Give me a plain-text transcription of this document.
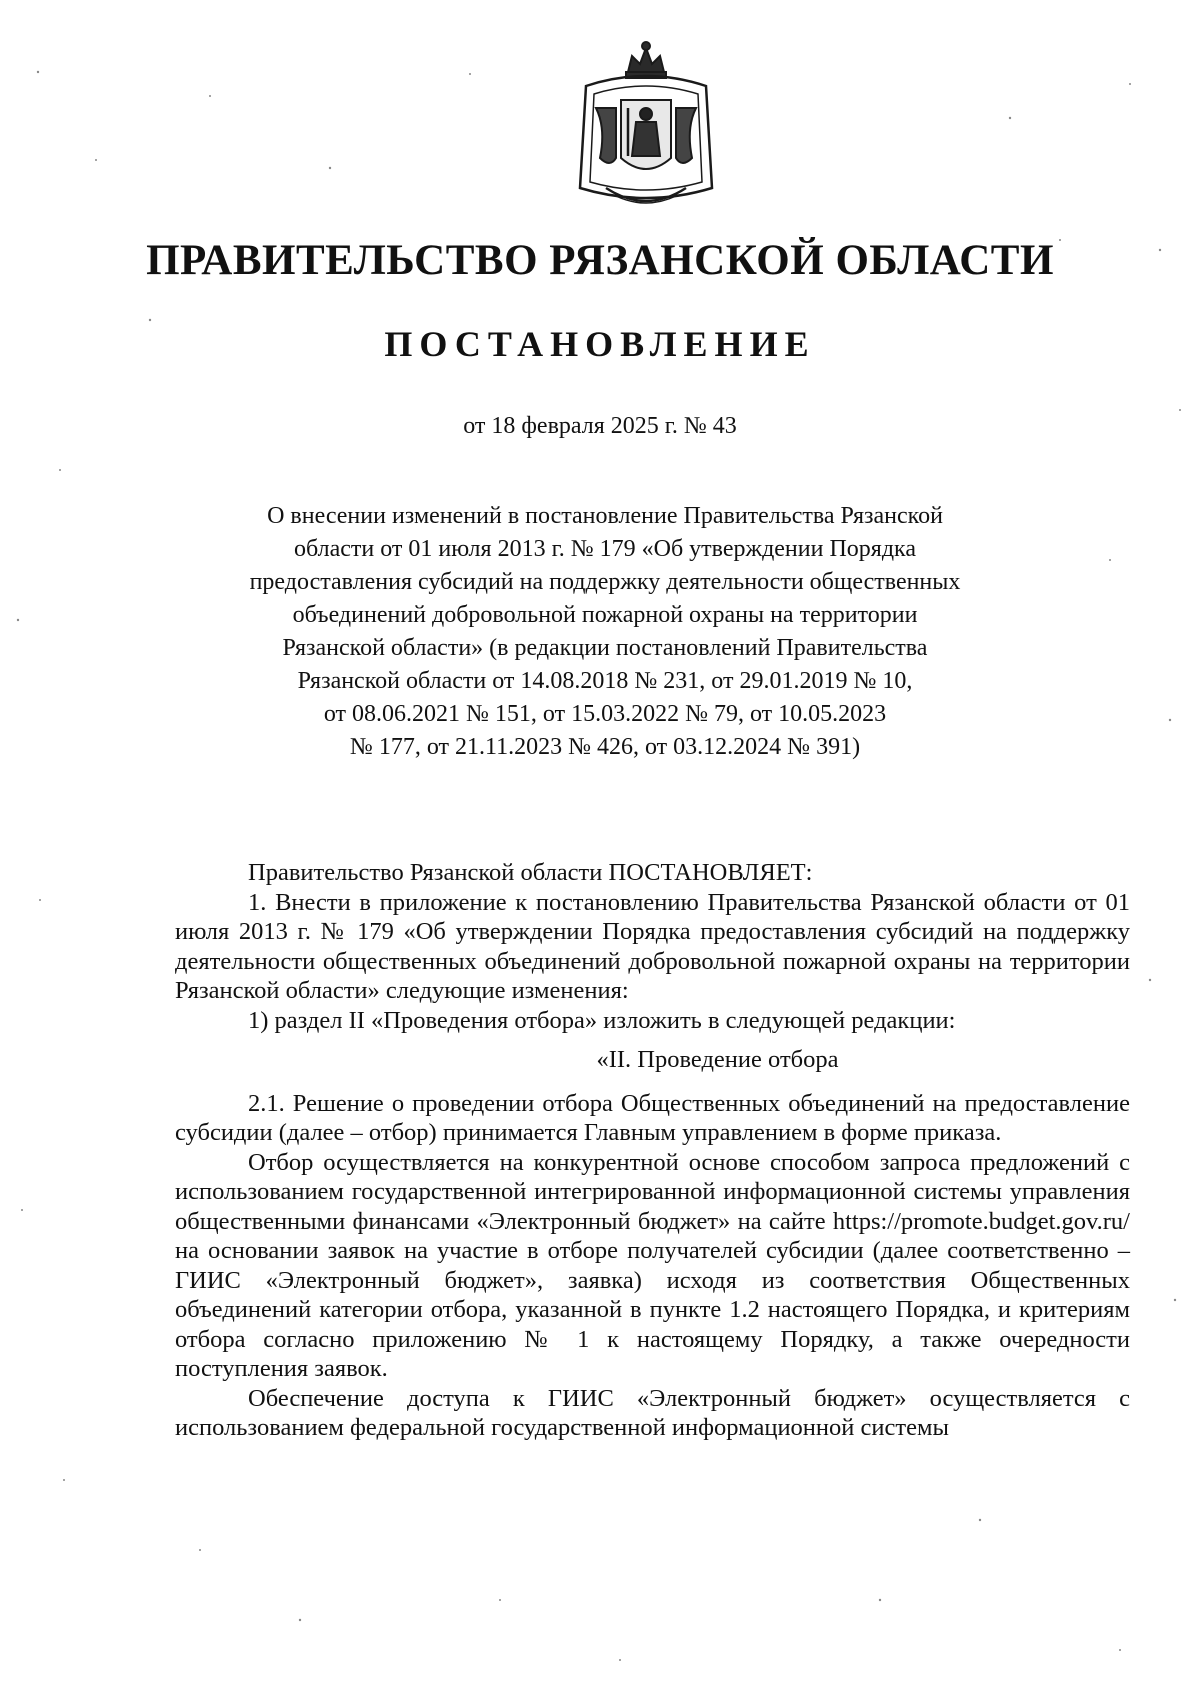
ПРАВИТЕЛЬСТВО РЯЗАНСКОЙ ОБЛАСТИ
ПОСТАНОВЛЕНИЕ
от 18 февраля 2025 г. № 43
О внесении изменений в постановление Правительства Рязанской
области от 01 июля 2013 г. № 179 «Об утверждении Порядка
предоставления субсидий на поддержку деятельности общественных
объединений добровольной пожарной охраны на территории
Рязанской области» (в редакции постановлений Правительства
Рязанской области от 14.08.2018 № 231, от 29.01.2019 № 10,
от 08.06.2021 № 151, от 15.03.2022 № 79, от 10.05.2023
№ 177, от 21.11.2023 № 426, от 03.12.2024 № 391)

Правительство Рязанской области ПОСТАНОВЛЯЕТ:

1. Внести в приложение к постановлению Правительства Рязанской области от 01 июля 2013 г. № 179 «Об утверждении Порядка предоставления субсидий на поддержку деятельности общественных объединений добровольной пожарной охраны на территории Рязанской области» следующие изменения:

1) раздел II «Проведения отбора» изложить в следующей редакции:

«II. Проведение отбора

2.1. Решение о проведении отбора Общественных объединений на предоставление субсидии (далее – отбор) принимается Главным управлением в форме приказа.

Отбор осуществляется на конкурентной основе способом запроса предложений с использованием государственной интегрированной информационной системы управления общественными финансами «Электронный бюджет» на сайте https://promote.budget.gov.ru/ на основании заявок на участие в отборе получателей субсидии (далее соответственно – ГИИС «Электронный бюджет», заявка) исходя из соответствия Общественных объединений категории отбора, указанной в пункте 1.2 настоящего Порядка, и критериям отбора согласно приложению № 1 к настоящему Порядку, а также очередности поступления заявок.

Обеспечение доступа к ГИИС «Электронный бюджет» осуществляется с использованием федеральной государственной информационной системы
